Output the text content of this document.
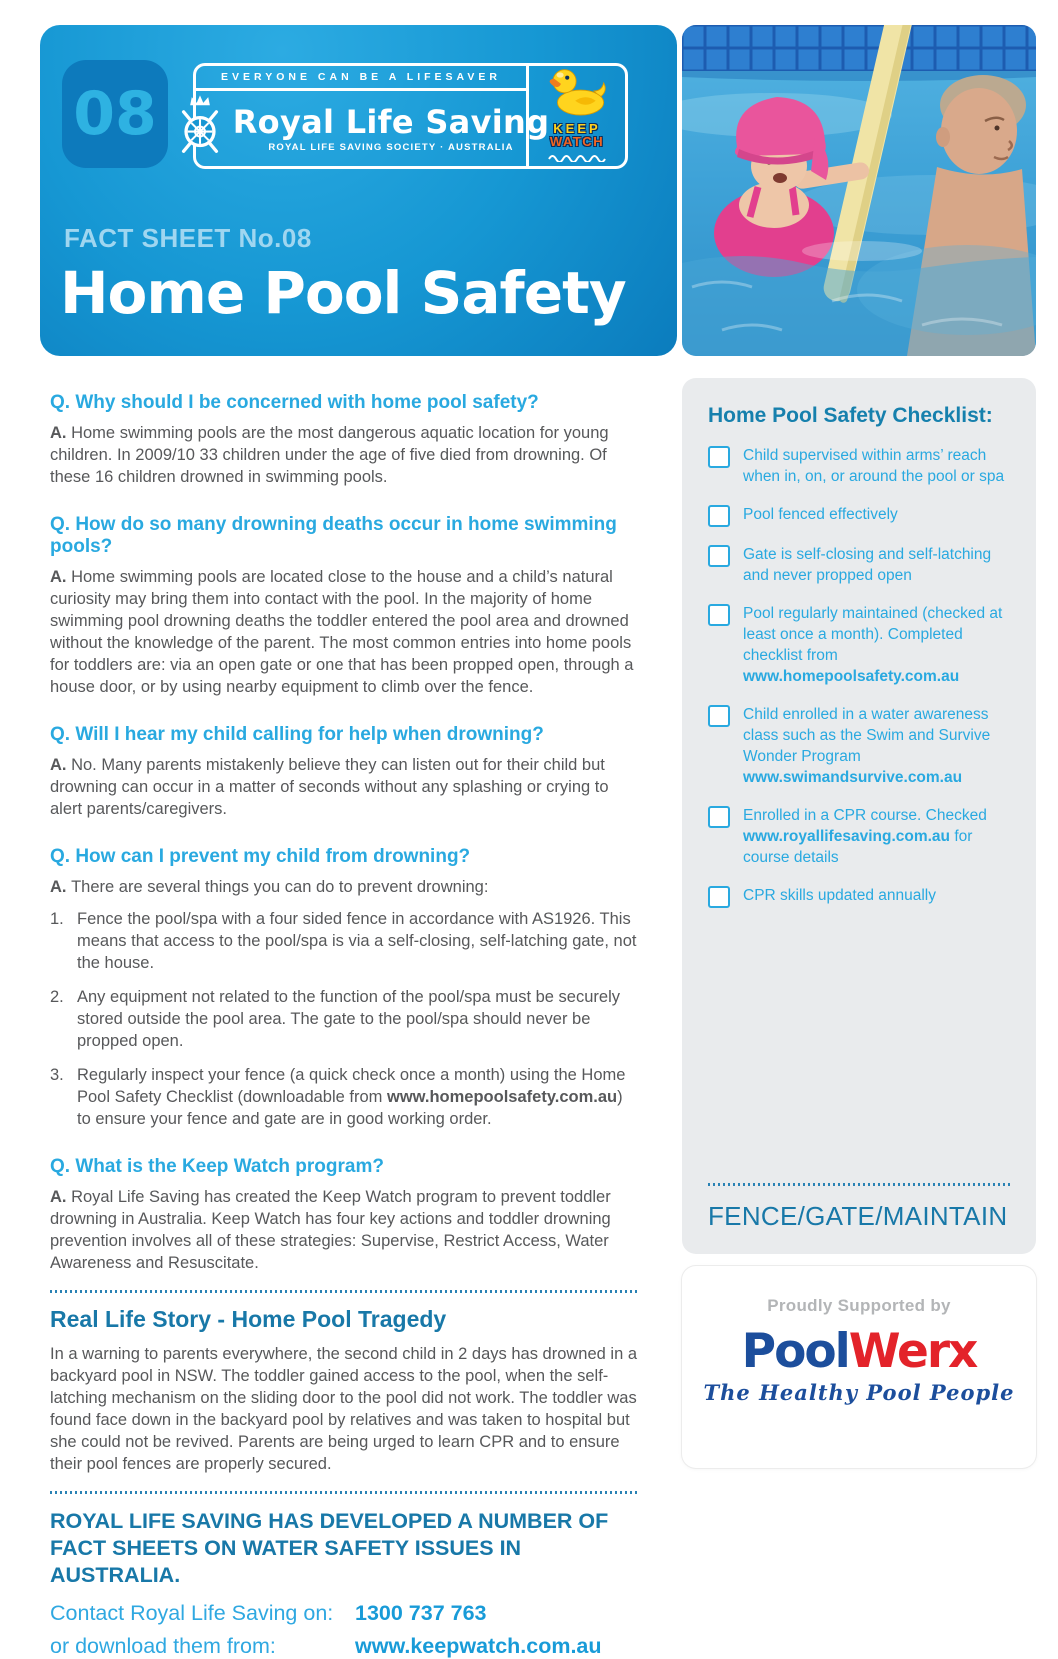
08
EVERYONE CAN BE A LIFESAVER
Royal Life Saving
ROYAL LIFE SAVING SOCIETY · AUSTRALIA
KEEP
WATCH
FACT SHEET No.08
Home Pool Safety
Q. Why should I be concerned with home pool safety?

A. Home swimming pools are the most dangerous aquatic location for young children. In 2009/10 33 children under the age of five died from drowning. Of these 16 children drowned in swimming pools.

Q. How do so many drowning deaths occur in home swimming pools?

A. Home swimming pools are located close to the house and a child’s natural curiosity may bring them into contact with the pool. In the majority of home swimming pool drowning deaths the toddler entered the pool area and drowned without the knowledge of the parent. The most common entries into home pools for toddlers are: via an open gate or one that has been propped open, through a house door, or by using nearby equipment to climb over the fence.

Q. Will I hear my child calling for help when drowning?

A. No. Many parents mistakenly believe they can listen out for their child but drowning can occur in a matter of seconds without any splashing or crying to alert parents/caregivers.

Q. How can I prevent my child from drowning?

A. There are several things you can do to prevent drowning:

1. Fence the pool/spa with a four sided fence in accordance with AS1926. This means that access to the pool/spa is via a self-closing, self-latching gate, not the house.
2. Any equipment not related to the function of the pool/spa must be securely stored outside the pool area. The gate to the pool/spa should never be propped open.
3. Regularly inspect your fence (a quick check once a month) using the Home Pool Safety Checklist (downloadable from www.homepoolsafety.com.au) to ensure your fence and gate are in good working order.
Q. What is the Keep Watch program?

A. Royal Life Saving has created the Keep Watch program to prevent toddler drowning in Australia. Keep Watch has four key actions and toddler drowning prevention involves all of these strategies: Supervise, Restrict Access, Water Awareness and Resuscitate.

Real Life Story - Home Pool Tragedy

In a warning to parents everywhere, the second child in 2 days has drowned in a backyard pool in NSW. The toddler gained access to the pool, when the self-latching mechanism on the sliding door to the pool did not work. The toddler was found face down in the backyard pool by relatives and was taken to hospital but she could not be revived. Parents are being urged to learn CPR and to ensure their pool fences are properly secured.

ROYAL LIFE SAVING HAS DEVELOPED A NUMBER OF FACT SHEETS ON WATER SAFETY ISSUES IN AUSTRALIA.
Contact Royal Life Saving on:	1300 737 763
or download them from:	www.keepwatch.com.au
Home Pool Safety Checklist:
Child supervised within arms’ reach when in, on, or around the pool or spa
Pool fenced effectively
Gate is self-closing and self-latching and never propped open
Pool regularly maintained (checked at least once a month). Completed checklist from www.homepoolsafety.com.au
Child enrolled in a water awareness class such as the Swim and Survive Wonder Program www.swimandsurvive.com.au
Enrolled in a CPR course. Checked www.royallifesaving.com.au for course details
CPR skills updated annually
FENCE/GATE/MAINTAIN
Proudly Supported by
PoolWerx
The Healthy Pool People
